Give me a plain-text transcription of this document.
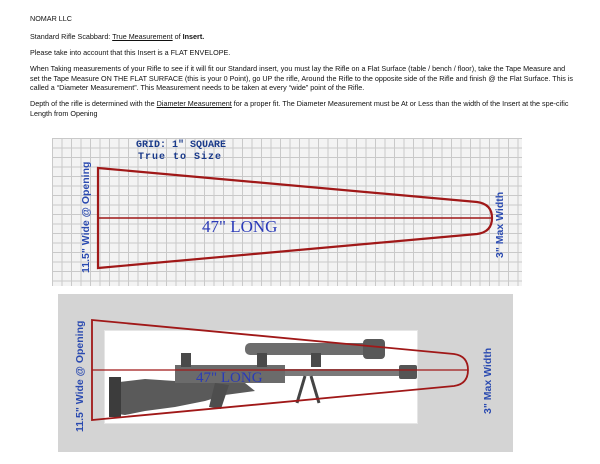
NOMAR LLC
Standard Rifle Scabbard: True Measurement of Insert.
Please take into account that this Insert is a FLAT ENVELOPE.
When Taking measurements of your Rifle to see if it will fit our Standard insert, you must lay the Rifle on a Flat Surface (table / bench / floor), take the Tape Measure and set the Tape Measure ON THE FLAT SURFACE (this is your 0 Point), go UP the rifle, Around the Rifle to the opposite side of the Rifle and finish @ the Flat Surface. This is called a “Diameter Measurement”. This Measurement needs to be taken at every “wide” point of the Rifle.
Depth of the rifle is determined with the Diameter Measurement for a proper fit. The Diameter Measurement must be At or Less than the width of the Insert at the spe-cific Length from Opening
GRID: 1" SQUARE
True to Size
47" LONG
11.5" Wide @ Opening	3" Max Width
47" LONG
11.5" Wide @ Opening	3" Max Width
